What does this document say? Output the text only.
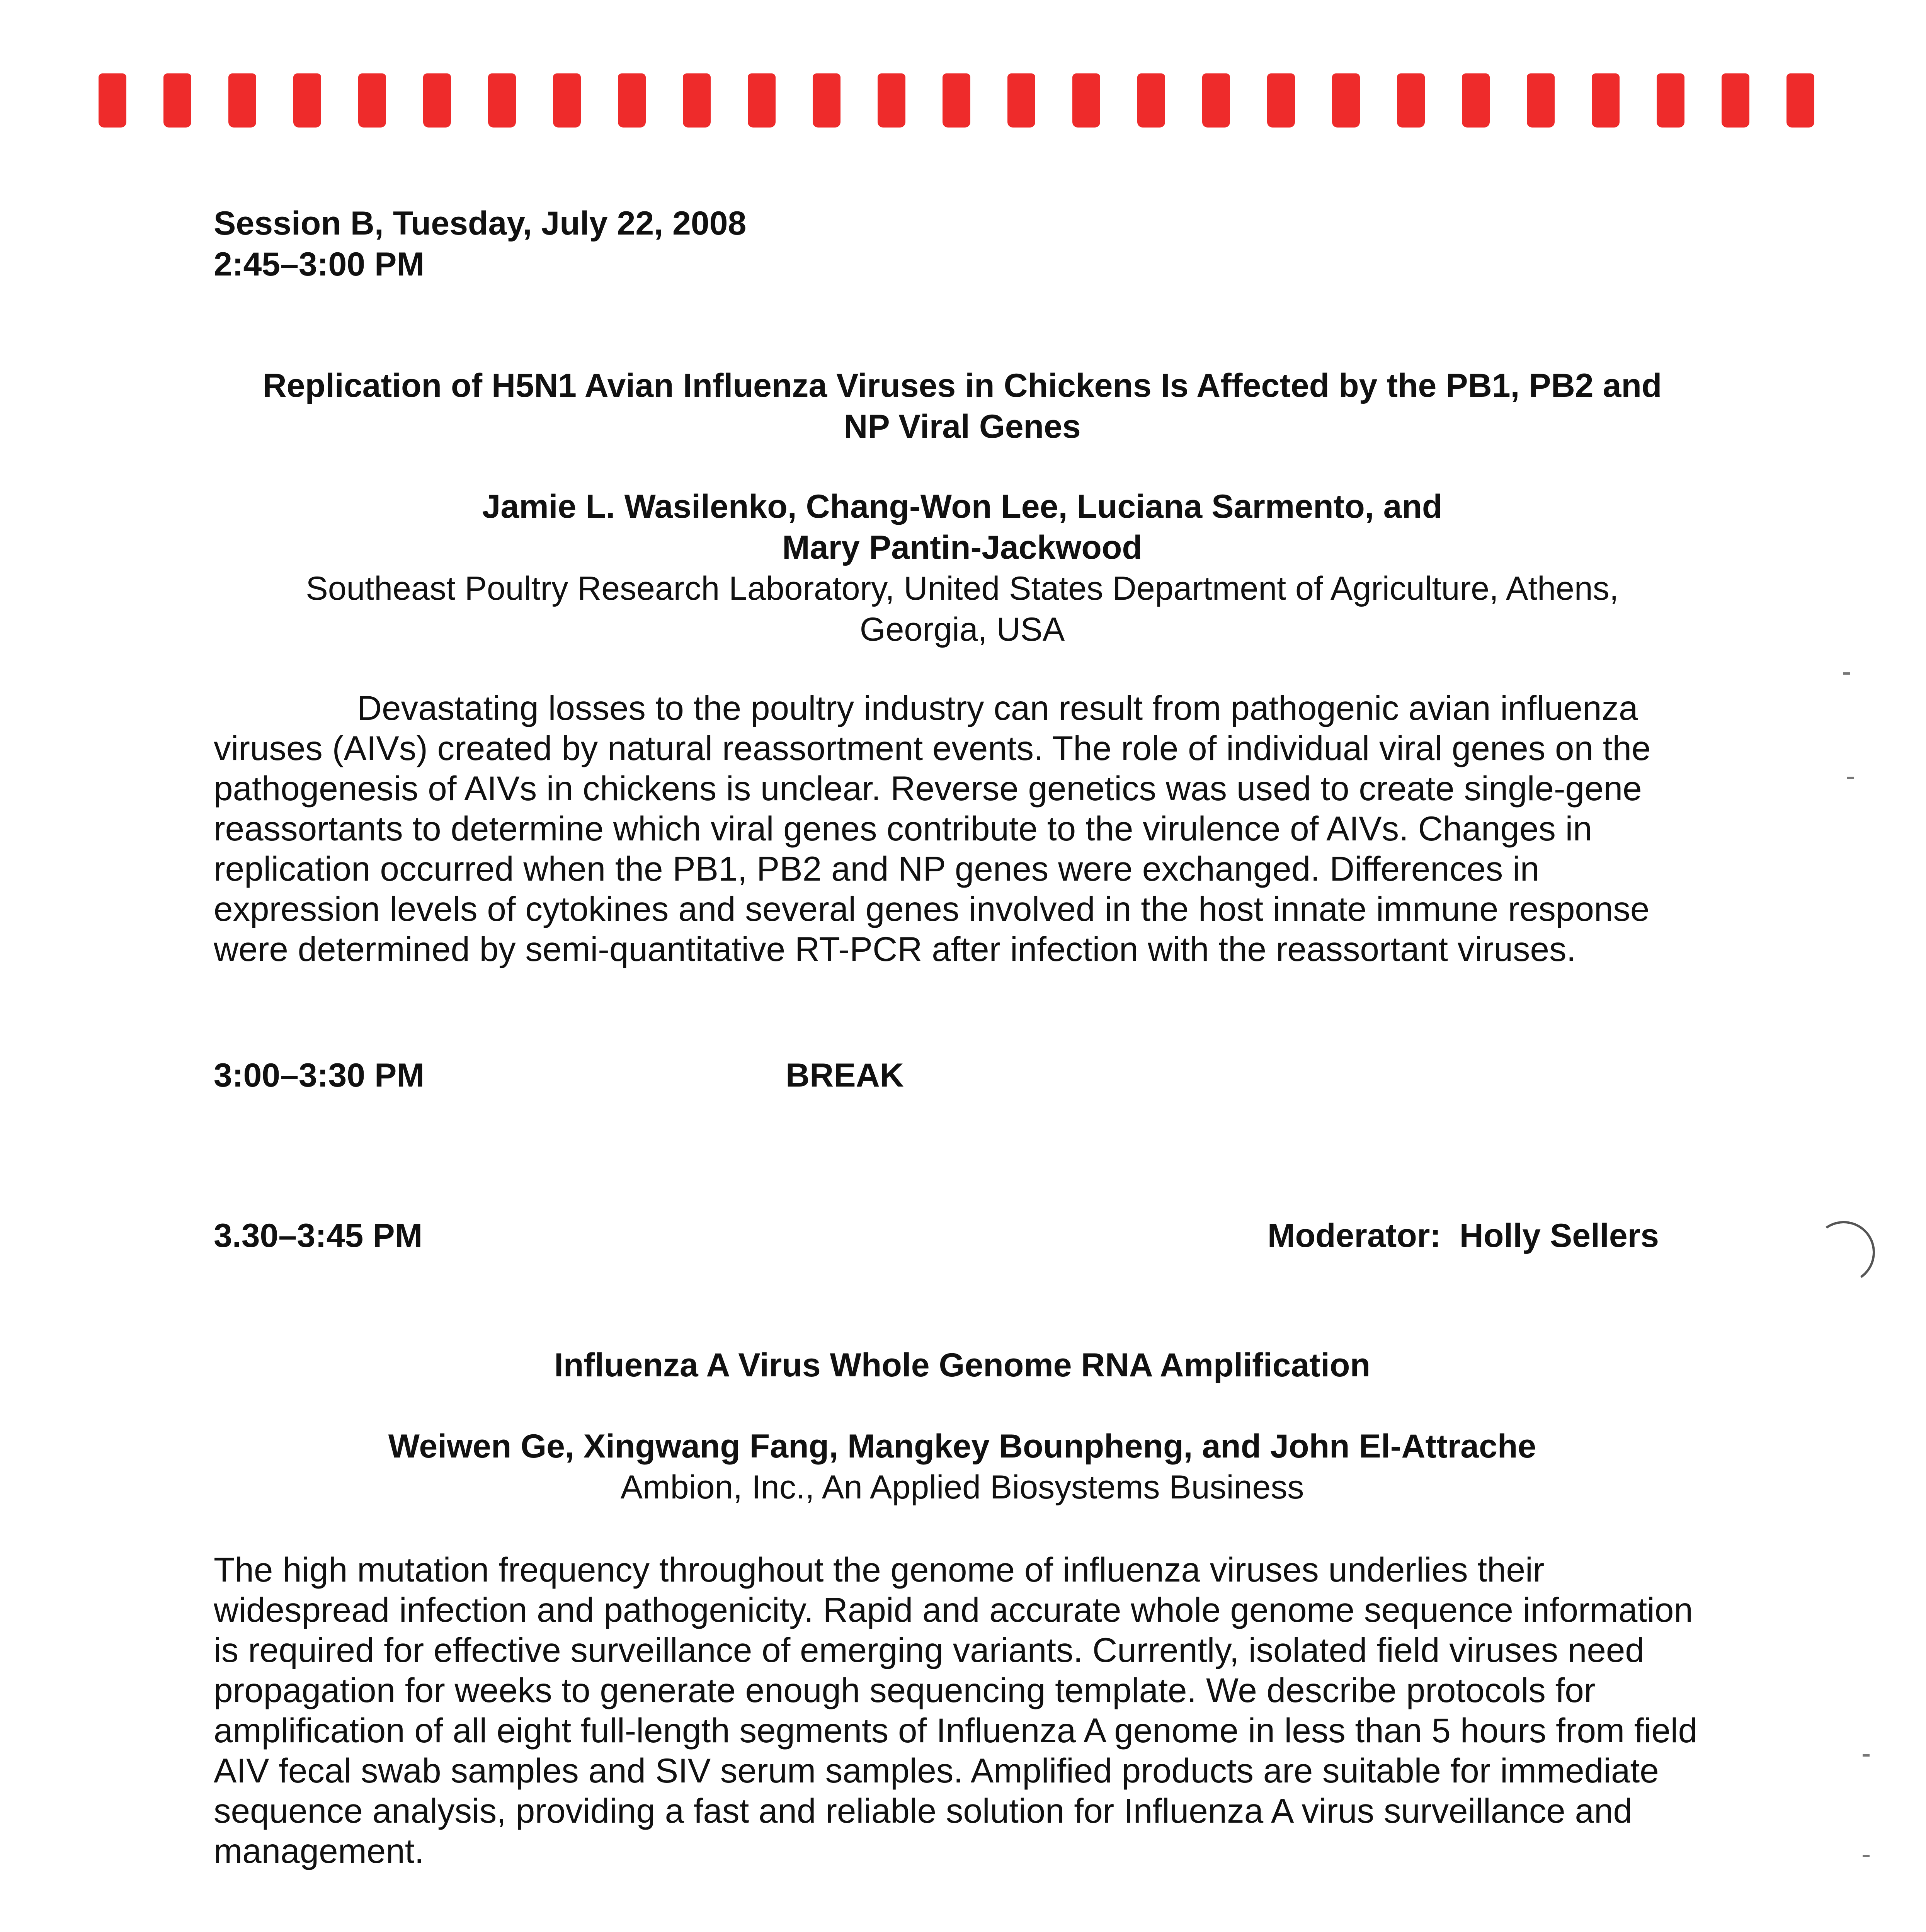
Session B, Tuesday, July 22, 2008

2:45–3:00 PM

Replication of H5N1 Avian Influenza Viruses in Chickens Is Affected by the PB1, PB2 and

NP Viral Genes

Jamie L. Wasilenko, Chang-Won Lee, Luciana Sarmento, and

Mary Pantin-Jackwood

Southeast Poultry Research Laboratory, United States Department of Agriculture, Athens,

Georgia, USA

Devastating losses to the poultry industry can result from pathogenic avian influenza viruses (AIVs) created by natural reassortment events. The role of individual viral genes on the pathogenesis of AIVs in chickens is unclear. Reverse genetics was used to create single-gene reassortants to determine which viral genes contribute to the virulence of AIVs. Changes in replication occurred when the PB1, PB2 and NP genes were exchanged. Differences in expression levels of cytokines and several genes involved in the host innate immune response were determined by semi-quantitative RT-PCR after infection with the reassortant viruses.

3:00–3:30 PM	BREAK
3.30–3:45 PM	Moderator:  Holly Sellers

Influenza A Virus Whole Genome RNA Amplification

Weiwen Ge, Xingwang Fang, Mangkey Bounpheng, and John El-Attrache

Ambion, Inc., An Applied Biosystems Business

The high mutation frequency throughout the genome of influenza viruses underlies their widespread infection and pathogenicity. Rapid and accurate whole genome sequence information is required for effective surveillance of emerging variants. Currently, isolated field viruses need propagation for weeks to generate enough sequencing template. We describe protocols for amplification of all eight full-length segments of Influenza A genome in less than 5 hours from field AIV fecal swab samples and SIV serum samples. Amplified products are suitable for immediate sequence analysis, providing a fast and reliable solution for Influenza A virus surveillance and management.
